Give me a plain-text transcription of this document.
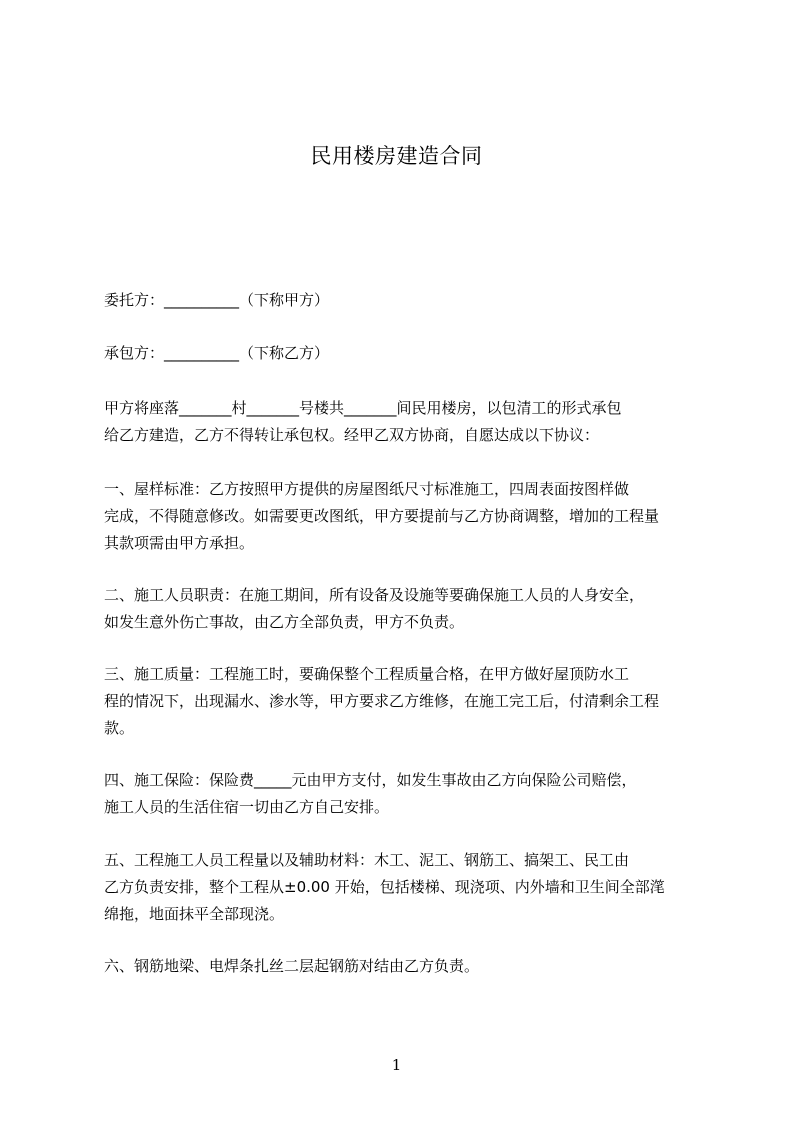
民用楼房建造合同
委托方：__________（下称甲方）
承包方：__________（下称乙方）
甲方将座落_______村_______号楼共_______间民用楼房，以包清工的形式承包
给乙方建造，乙方不得转让承包权。经甲乙双方协商，自愿达成以下协议：
一、屋样标准：乙方按照甲方提供的房屋图纸尺寸标准施工，四周表面按图样做
完成，不得随意修改。如需要更改图纸，甲方要提前与乙方协商调整，增加的工程量
其款项需由甲方承担。
二、施工人员职责：在施工期间，所有设备及设施等要确保施工人员的人身安全，
如发生意外伤亡事故，由乙方全部负责，甲方不负责。
三、施工质量：工程施工时，要确保整个工程质量合格，在甲方做好屋顶防水工
程的情况下，出现漏水、渗水等，甲方要求乙方维修，在施工完工后，付清剩余工程
款。
四、施工保险：保险费_____元由甲方支付，如发生事故由乙方向保险公司赔偿，
施工人员的生活住宿一切由乙方自己安排。
五、工程施工人员工程量以及辅助材料：木工、泥工、钢筋工、搞架工、民工由
乙方负责安排，整个工程从±0.00 开始，包括楼梯、现浇项、内外墙和卫生间全部滗
绵拖，地面抹平全部现浇。
六、钢筋地梁、电焊条扎丝二层起钢筋对结由乙方负责。
1
